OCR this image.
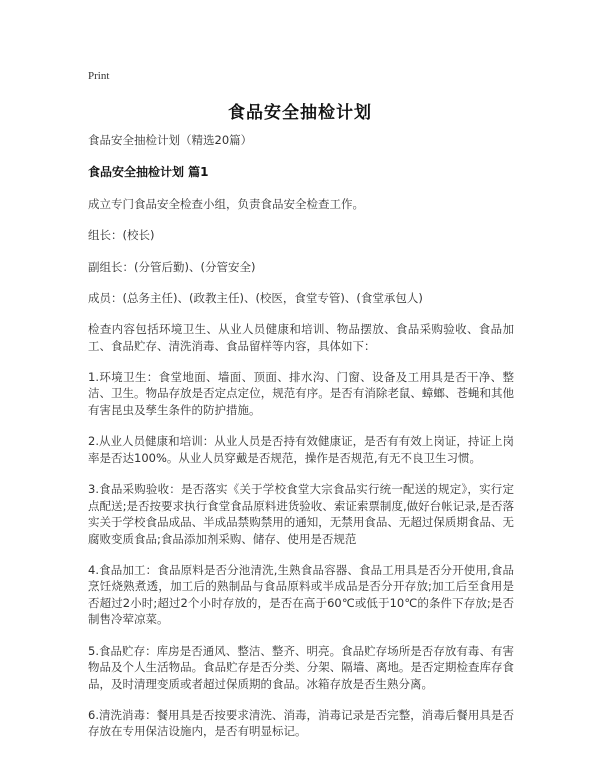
Print
食品安全抽检计划

食品安全抽检计划（精选20篇）

食品安全抽检计划 篇1

成立专门食品安全检查小组，负责食品安全检查工作。

组长：(校长)

副组长：(分管后勤)、(分管安全)

成员：(总务主任)、(政教主任)、(校医，食堂专管)、(食堂承包人)

检查内容包括环境卫生、从业人员健康和培训、物品摆放、食品采购验收、食品加工、食品贮存、清洗消毒、食品留样等内容，具体如下：

1.环境卫生：食堂地面、墙面、顶面、排水沟、门窗、设备及工用具是否干净、整洁、卫生。物品存放是否定点定位，规范有序。是否有消除老鼠、蟑螂、苍蝇和其他有害昆虫及孳生条件的防护措施。

2.从业人员健康和培训：从业人员是否持有效健康证，是否有有效上岗证，持证上岗率是否达100%。从业人员穿戴是否规范，操作是否规范,有无不良卫生习惯。

3.食品采购验收：是否落实《关于学校食堂大宗食品实行统一配送的规定》，实行定点配送;是否按要求执行食堂食品原料进货验收、索证索票制度,做好台帐记录,是否落实关于学校食品成品、半成品禁购禁用的通知，无禁用食品、无超过保质期食品、无腐败变质食品;食品添加剂采购、储存、使用是否规范

4.食品加工：食品原料是否分池清洗,生熟食品容器、食品工用具是否分开使用,食品烹饪烧熟煮透，加工后的熟制品与食品原料或半成品是否分开存放;加工后至食用是否超过2小时;超过2个小时存放的，是否在高于60℃或低于10℃的条件下存放;是否制售冷荤凉菜。

5.食品贮存：库房是否通风、整洁、整齐、明亮。食品贮存场所是否存放有毒、有害物品及个人生活物品。食品贮存是否分类、分架、隔墙、离地。是否定期检查库存食品，及时清理变质或者超过保质期的食品。冰箱存放是否生熟分离。

6.清洗消毒：餐用具是否按要求清洗、消毒，消毒记录是否完整，消毒后餐用具是否存放在专用保洁设施内，是否有明显标记。
